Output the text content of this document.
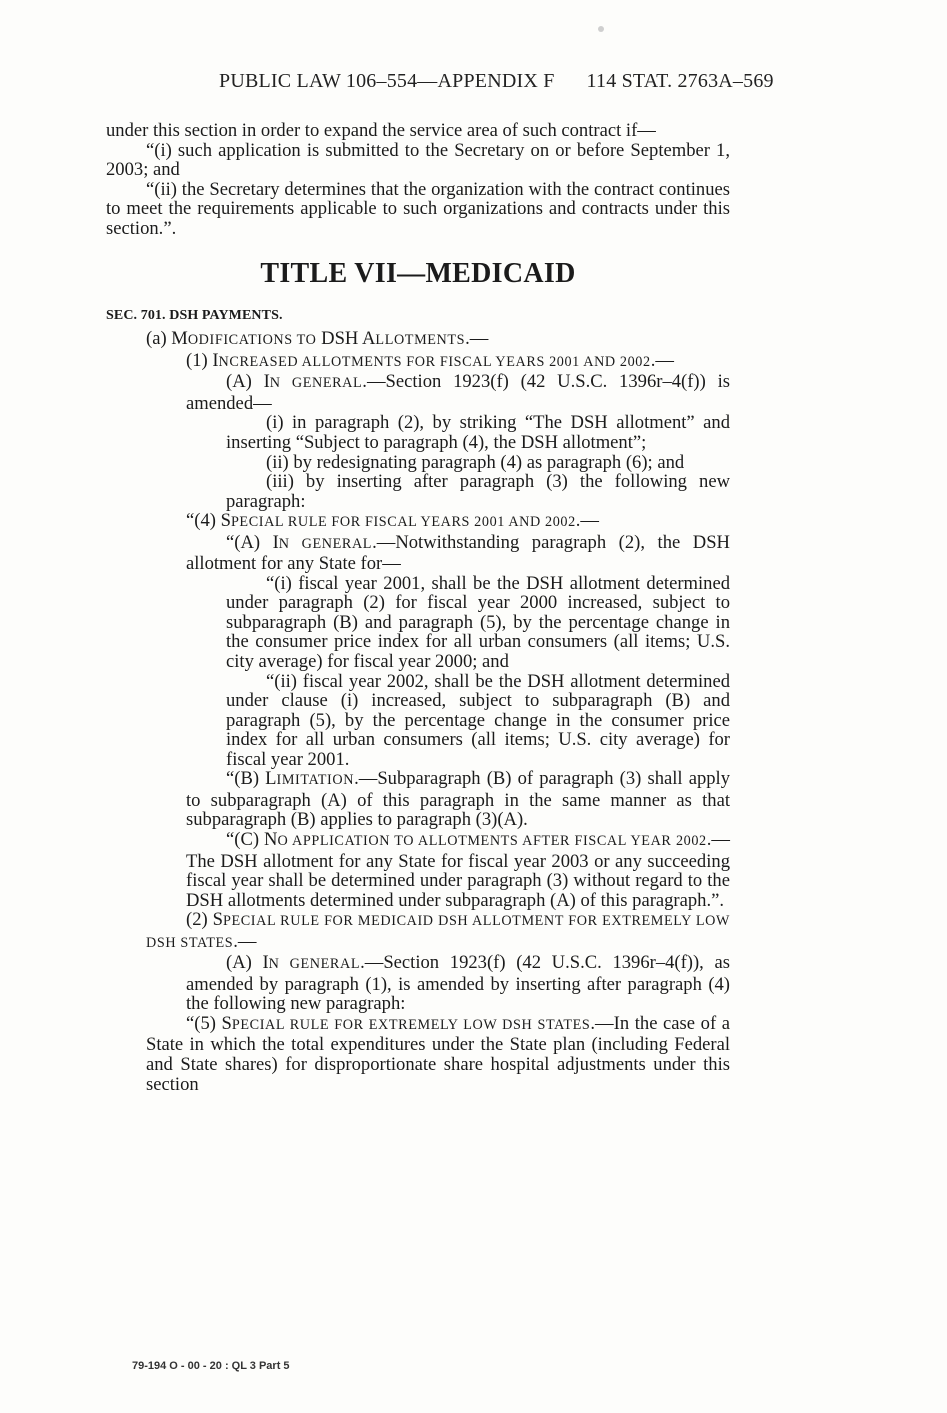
PUBLIC LAW 106–554—APPENDIX F 114 STAT. 2763A–569

under this section in order to expand the service area of such contract if—

“(i) such application is submitted to the Secretary on or before September 1, 2003; and

“(ii) the Secretary determines that the organization with the contract continues to meet the requirements applicable to such organizations and contracts under this section.”.

TITLE VII—MEDICAID

SEC. 701. DSH PAYMENTS.

(a) MODIFICATIONS TO DSH ALLOTMENTS.—

(1) INCREASED ALLOTMENTS FOR FISCAL YEARS 2001 AND 2002.—

(A) IN GENERAL.—Section 1923(f) (42 U.S.C. 1396r–4(f)) is amended—

(i) in paragraph (2), by striking “The DSH allotment” and inserting “Subject to paragraph (4), the DSH allotment”;

(ii) by redesignating paragraph (4) as paragraph (6); and

(iii) by inserting after paragraph (3) the following new paragraph:

“(4) SPECIAL RULE FOR FISCAL YEARS 2001 AND 2002.—

“(A) IN GENERAL.—Notwithstanding paragraph (2), the DSH allotment for any State for—

“(i) fiscal year 2001, shall be the DSH allotment determined under paragraph (2) for fiscal year 2000 increased, subject to subparagraph (B) and paragraph (5), by the percentage change in the consumer price index for all urban consumers (all items; U.S. city average) for fiscal year 2000; and

“(ii) fiscal year 2002, shall be the DSH allotment determined under clause (i) increased, subject to subparagraph (B) and paragraph (5), by the percentage change in the consumer price index for all urban consumers (all items; U.S. city average) for fiscal year 2001.

“(B) LIMITATION.—Subparagraph (B) of paragraph (3) shall apply to subparagraph (A) of this paragraph in the same manner as that subparagraph (B) applies to paragraph (3)(A).

“(C) NO APPLICATION TO ALLOTMENTS AFTER FISCAL YEAR 2002.—The DSH allotment for any State for fiscal year 2003 or any succeeding fiscal year shall be determined under paragraph (3) without regard to the DSH allotments determined under subparagraph (A) of this paragraph.”.

(2) SPECIAL RULE FOR MEDICAID DSH ALLOTMENT FOR EXTREMELY LOW DSH STATES.—

(A) IN GENERAL.—Section 1923(f) (42 U.S.C. 1396r–4(f)), as amended by paragraph (1), is amended by inserting after paragraph (4) the following new paragraph:

“(5) SPECIAL RULE FOR EXTREMELY LOW DSH STATES.—In the case of a State in which the total expenditures under the State plan (including Federal and State shares) for disproportionate share hospital adjustments under this section

79-194 O - 00 - 20 : QL 3 Part 5
